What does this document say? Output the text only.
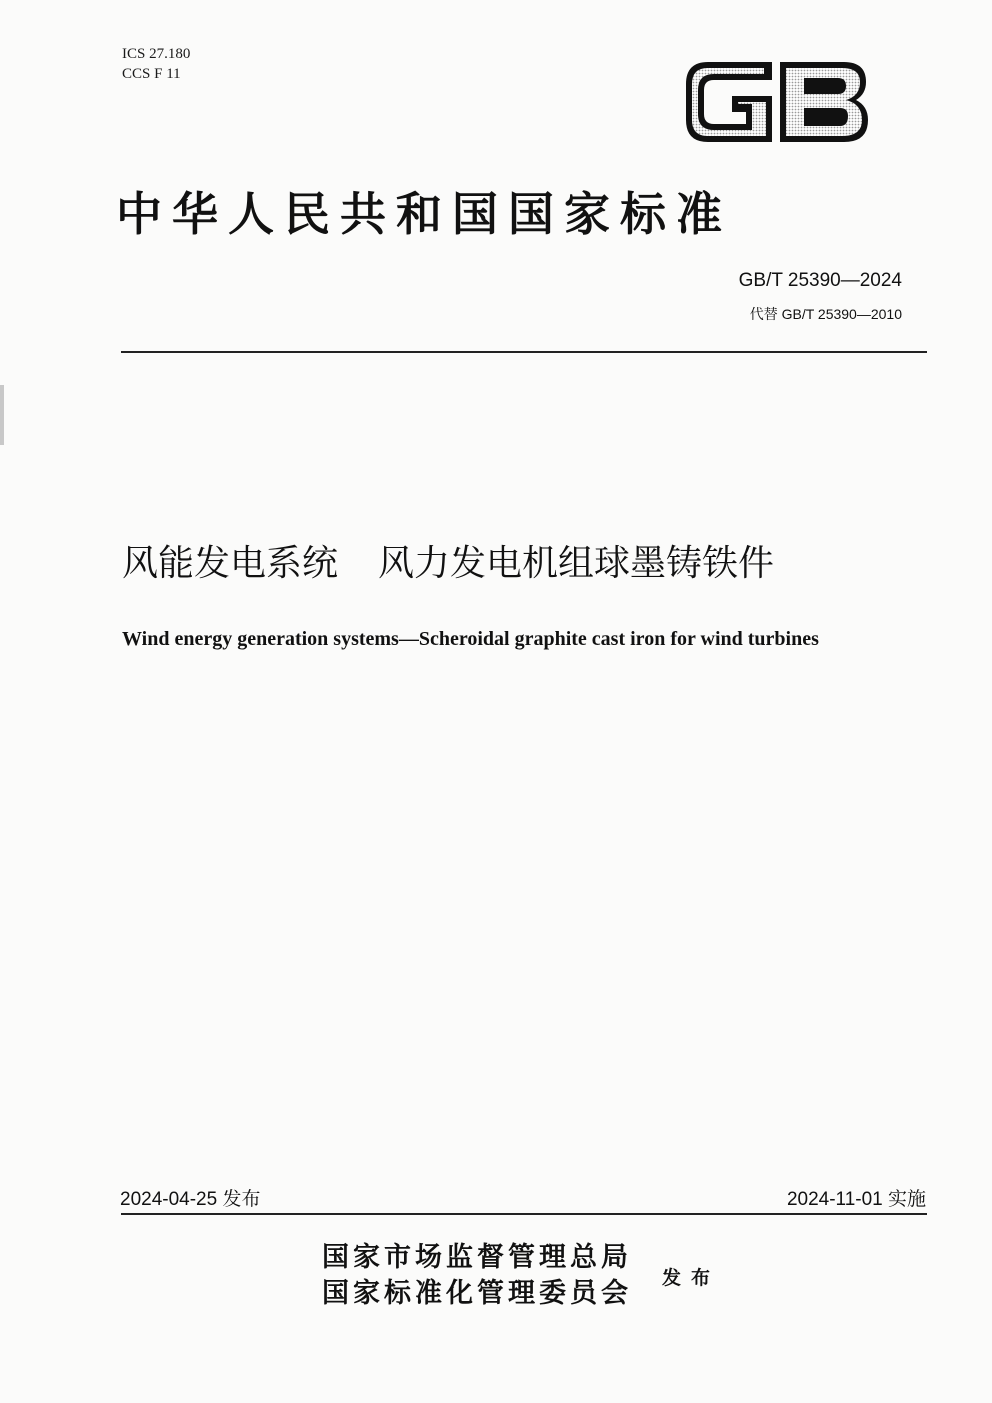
ICS 27.180
CCS F 11
中华人民共和国国家标准
GB/T 25390—2024
代替 GB/T 25390—2010
风能发电系统 风力发电机组球墨铸铁件
Wind energy generation systems—Scheroidal graphite cast iron for wind turbines
2024-04-25 发布	2024-11-01 实施
国家市场监督管理总局
国家标准化管理委员会 发布
